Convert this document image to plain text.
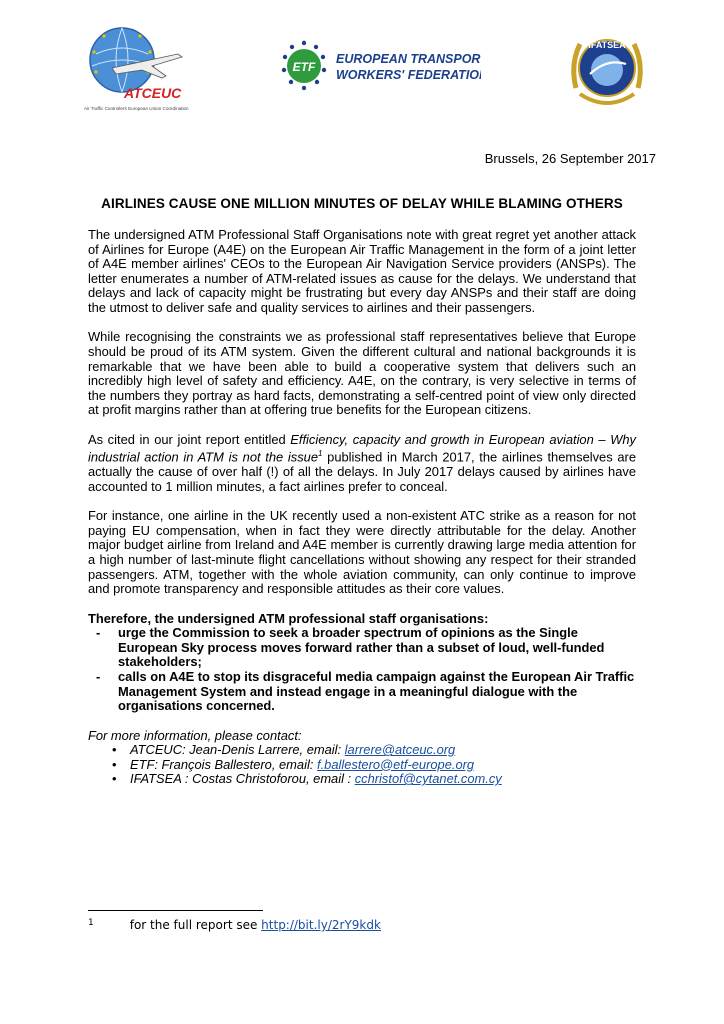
ATCEUC
Air Traffic Controllers European Union Coordination
ETF
EUROPEAN TRANSPORT
WORKERS' FEDERATION
IFATSEA
Brussels, 26 September 2017
AIRLINES CAUSE ONE MILLION MINUTES OF DELAY WHILE BLAMING OTHERS

The undersigned ATM Professional Staff Organisations note with great regret yet another attack of Airlines for Europe (A4E) on the European Air Traffic Management in the form of a joint letter of A4E member airlines' CEOs to the European Air Navigation Service providers (ANSPs). The letter enumerates a number of ATM-related issues as cause for the delays. We understand that delays and lack of capacity might be frustrating but every day ANSPs and their staff are doing the utmost to deliver safe and quality services to airlines and their passengers.

While recognising the constraints we as professional staff representatives believe that Europe should be proud of its ATM system. Given the different cultural and national backgrounds it is remarkable that we have been able to build a cooperative system that delivers such an incredibly high level of safety and efficiency. A4E, on the contrary, is very selective in terms of the numbers they portray as hard facts, demonstrating a self-centred point of view only directed at profit margins rather than at offering true benefits for the European citizens.

As cited in our joint report entitled Efficiency, capacity and growth in European aviation – Why industrial action in ATM is not the issue$^1$ published in March 2017, the airlines themselves are actually the cause of over half (!) of all the delays. In July 2017 delays caused by airlines have accounted to 1 million minutes, a fact airlines prefer to conceal.

For instance, one airline in the UK recently used a non-existent ATC strike as a reason for not paying EU compensation, when in fact they were directly attributable for the delay. Another major budget airline from Ireland and A4E member is currently drawing large media attention for a high number of last-minute flight cancellations without showing any respect for their stranded passengers. ATM, together with the whole aviation community, can only continue to improve and promote transparency and responsible attitudes as their core values.

Therefore, the undersigned ATM professional staff organisations:
- urge the Commission to seek a broader spectrum of opinions as the Single European Sky process moves forward rather than a subset of loud, well-funded stakeholders;
- calls on A4E to stop its disgraceful media campaign against the European Air Traffic Management System and instead engage in a meaningful dialogue with the organisations concerned.
For more information, please contact:
• ATCEUC: Jean-Denis Larrere, email: larrere@atceuc.org
• ETF: François Ballestero, email: f.ballestero@etf-europe.org
• IFATSEA : Costas Christoforou, email : cchristof@cytanet.com.cy
$^1$	for the full report see http://bit.ly/2rY9kdk
